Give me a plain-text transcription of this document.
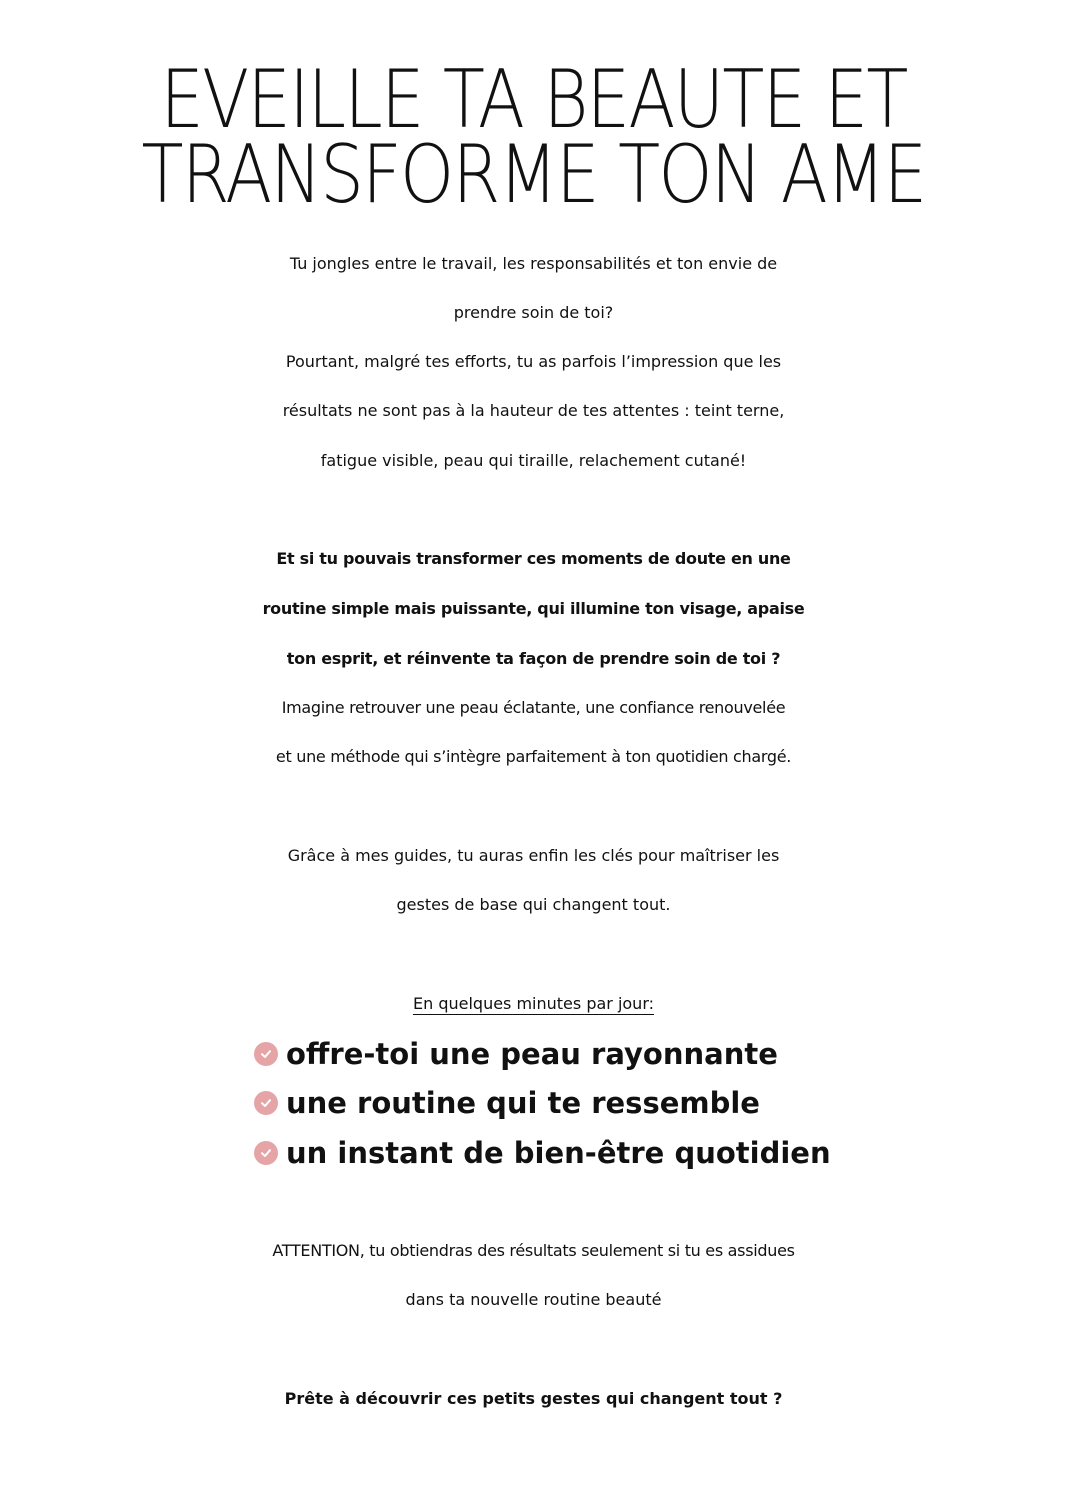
EVEILLE TA BEAUTE ET
TRANSFORME TON AME
Tu jongles entre le travail, les responsabilités et ton envie de
prendre soin de toi?
Pourtant, malgré tes efforts, tu as parfois l’impression que les
résultats ne sont pas à la hauteur de tes attentes : teint terne,
fatigue visible, peau qui tiraille, relachement cutané!
Et si tu pouvais transformer ces moments de doute en une
routine simple mais puissante, qui illumine ton visage, apaise
ton esprit, et réinvente ta façon de prendre soin de toi ?
Imagine retrouver une peau éclatante, une confiance renouvelée
et une méthode qui s’intègre parfaitement à ton quotidien chargé.
Grâce à mes guides, tu auras enfin les clés pour maîtriser les
gestes de base qui changent tout.
En quelques minutes par jour:
offre-toi une peau rayonnante
une routine qui te ressemble
un instant de bien-être quotidien
ATTENTION, tu obtiendras des résultats seulement si tu es assidues
dans ta nouvelle routine beauté
Prête à découvrir ces petits gestes qui changent tout ?
